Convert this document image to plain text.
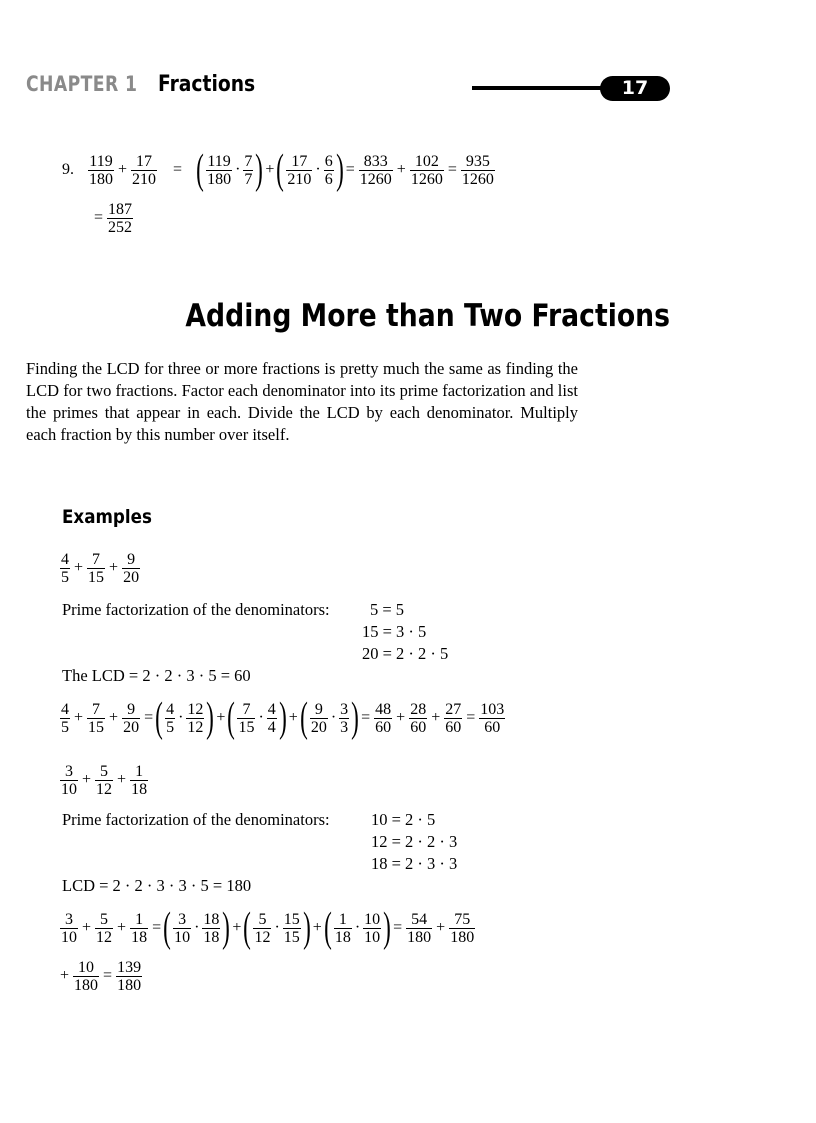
CHAPTER 1 Fractions	17
9. $\frac{119}{180} + \frac{17}{210}$ = ( $\frac{119}{180} \cdot \frac{7}{7}$ ) + ( $\frac{17}{210} \cdot \frac{6}{6}$ ) = $\frac{833}{1260} + \frac{102}{1260} = \frac{935}{1260}$
= $\frac{187}{252}$
Adding More than Two Fractions
Finding the LCD for three or more fractions is pretty much the same as finding the LCD for two fractions. Factor each denominator into its prime factorization and list the primes that appear in each. Divide the LCD by each denominator. Multiply each fraction by this number over itself.
Examples
$\frac{4}{5} + \frac{7}{15} + \frac{9}{20}$
Prime factorization of the denominators: 5 = 5
15 = 3 · 5
20 = 2 · 2 · 5
The LCD = 2 · 2 · 3 · 5 = 60
$\frac{4}{5} + \frac{7}{15} + \frac{9}{20}$ = ( $\frac{4}{5} \cdot \frac{12}{12}$ ) + ( $\frac{7}{15} \cdot \frac{4}{4}$ ) + ( $\frac{9}{20} \cdot \frac{3}{3}$ ) = $\frac{48}{60} + \frac{28}{60} + \frac{27}{60} = \frac{103}{60}$
$\frac{3}{10} + \frac{5}{12} + \frac{1}{18}$
Prime factorization of the denominators:	10 = 2 · 5
12 = 2 · 2 · 3
18 = 2 · 3 · 3
LCD = 2 · 2 · 3 · 3 · 5 = 180
$\frac{3}{10} + \frac{5}{12} + \frac{1}{18}$ = ( $\frac{3}{10} \cdot \frac{18}{18}$ ) + ( $\frac{5}{12} \cdot \frac{15}{15}$ ) + ( $\frac{1}{18} \cdot \frac{10}{10}$ ) = $\frac{54}{180} + \frac{75}{180}$
+ $\frac{10}{180} = \frac{139}{180}$
